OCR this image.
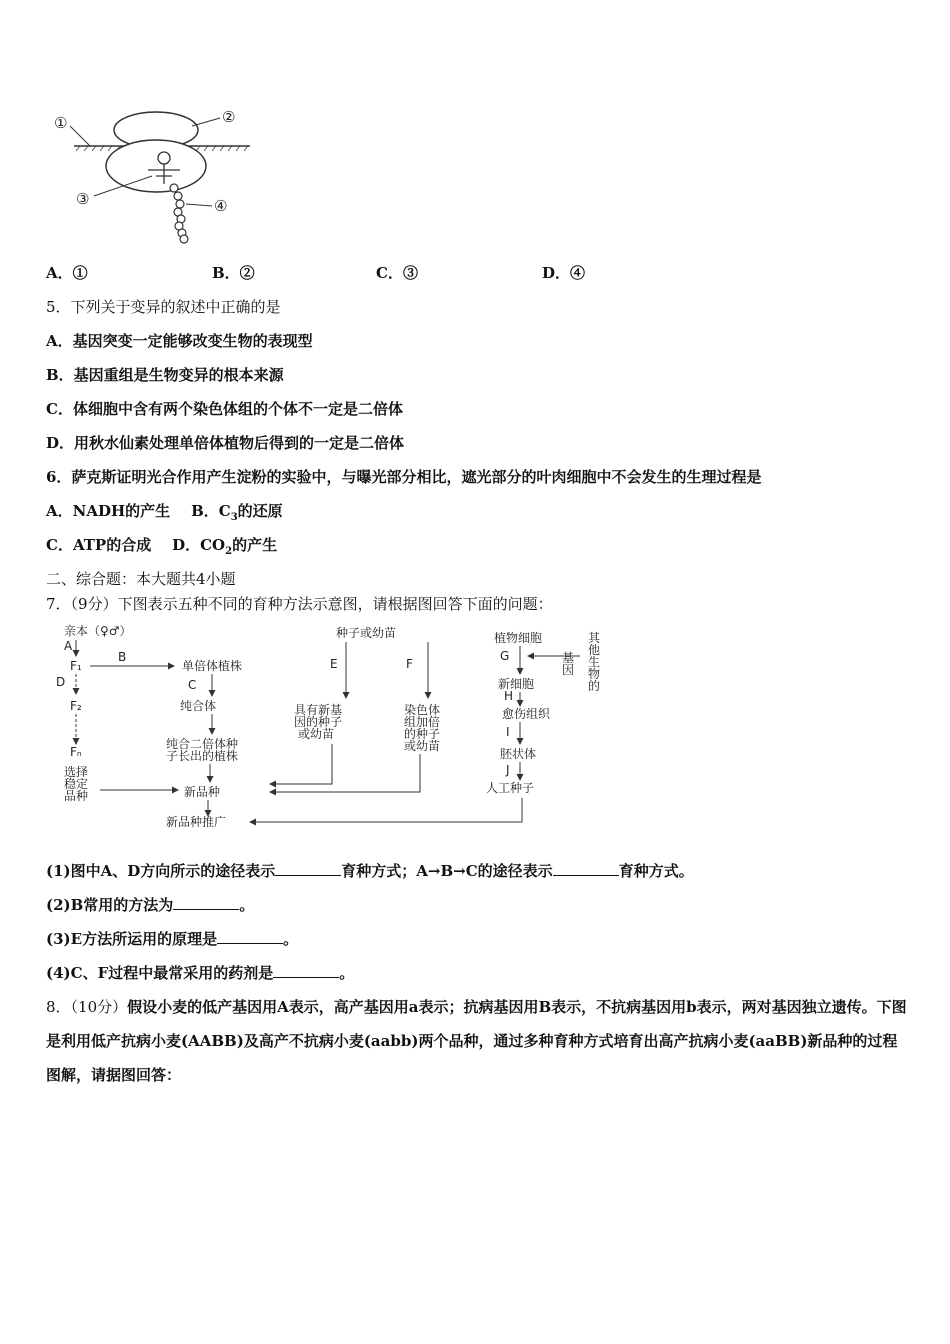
①	②
③	④
A．①	B．②	C．③	D．④
5．下列关于变异的叙述中正确的是
A．基因突变一定能够改变生物的表现型
B．基因重组是生物变异的根本来源
C．体细胞中含有两个染色体组的个体不一定是二倍体
D．用秋水仙素处理单倍体植物后得到的一定是二倍体
6．萨克斯证明光合作用产生淀粉的实验中，与曝光部分相比，遮光部分的叶肉细胞中不会发生的生理过程是
A．NADH的产生 B．$C_3$的还原
C．ATP的合成 D．$CO_2$的产生
二、综合题：本大题共4小题
7．（9分）下图表示五种不同的育种方法示意图，请根据图回答下面的问题：
亲本（♀♂）
A
F₁
B
D
F₂
Fₙ
选择
稳定
品种
单倍体植株
C
纯合体
纯合二倍体种
子长出的植株
新品种
新品种推广
种子或幼苗
E	F
具有新基
因的种子
或幼苗
染色体
组加倍
的种子
或幼苗
植物细胞	其
他
生
物
的
基
因
G
新细胞
H
愈伤组织
I
胚状体
J
人工种子
(1)图中A、D方向所示的途径表示	育种方式；A→B→C的途径表示	育种方式。
(2)B常用的方法为	。
(3)E方法所运用的原理是	。
(4)C、F过程中最常采用的药剂是	。
8．（10分）假设小麦的低产基因用A表示，高产基因用a表示；抗病基因用B表示，不抗病基因用b表示，两对基因独立遗传。下图是利用低产抗病小麦(AABB)及高产不抗病小麦(aabb)两个品种，通过多种育种方式培育出高产抗病小麦(aaBB)新品种的过程图解，请据图回答：
